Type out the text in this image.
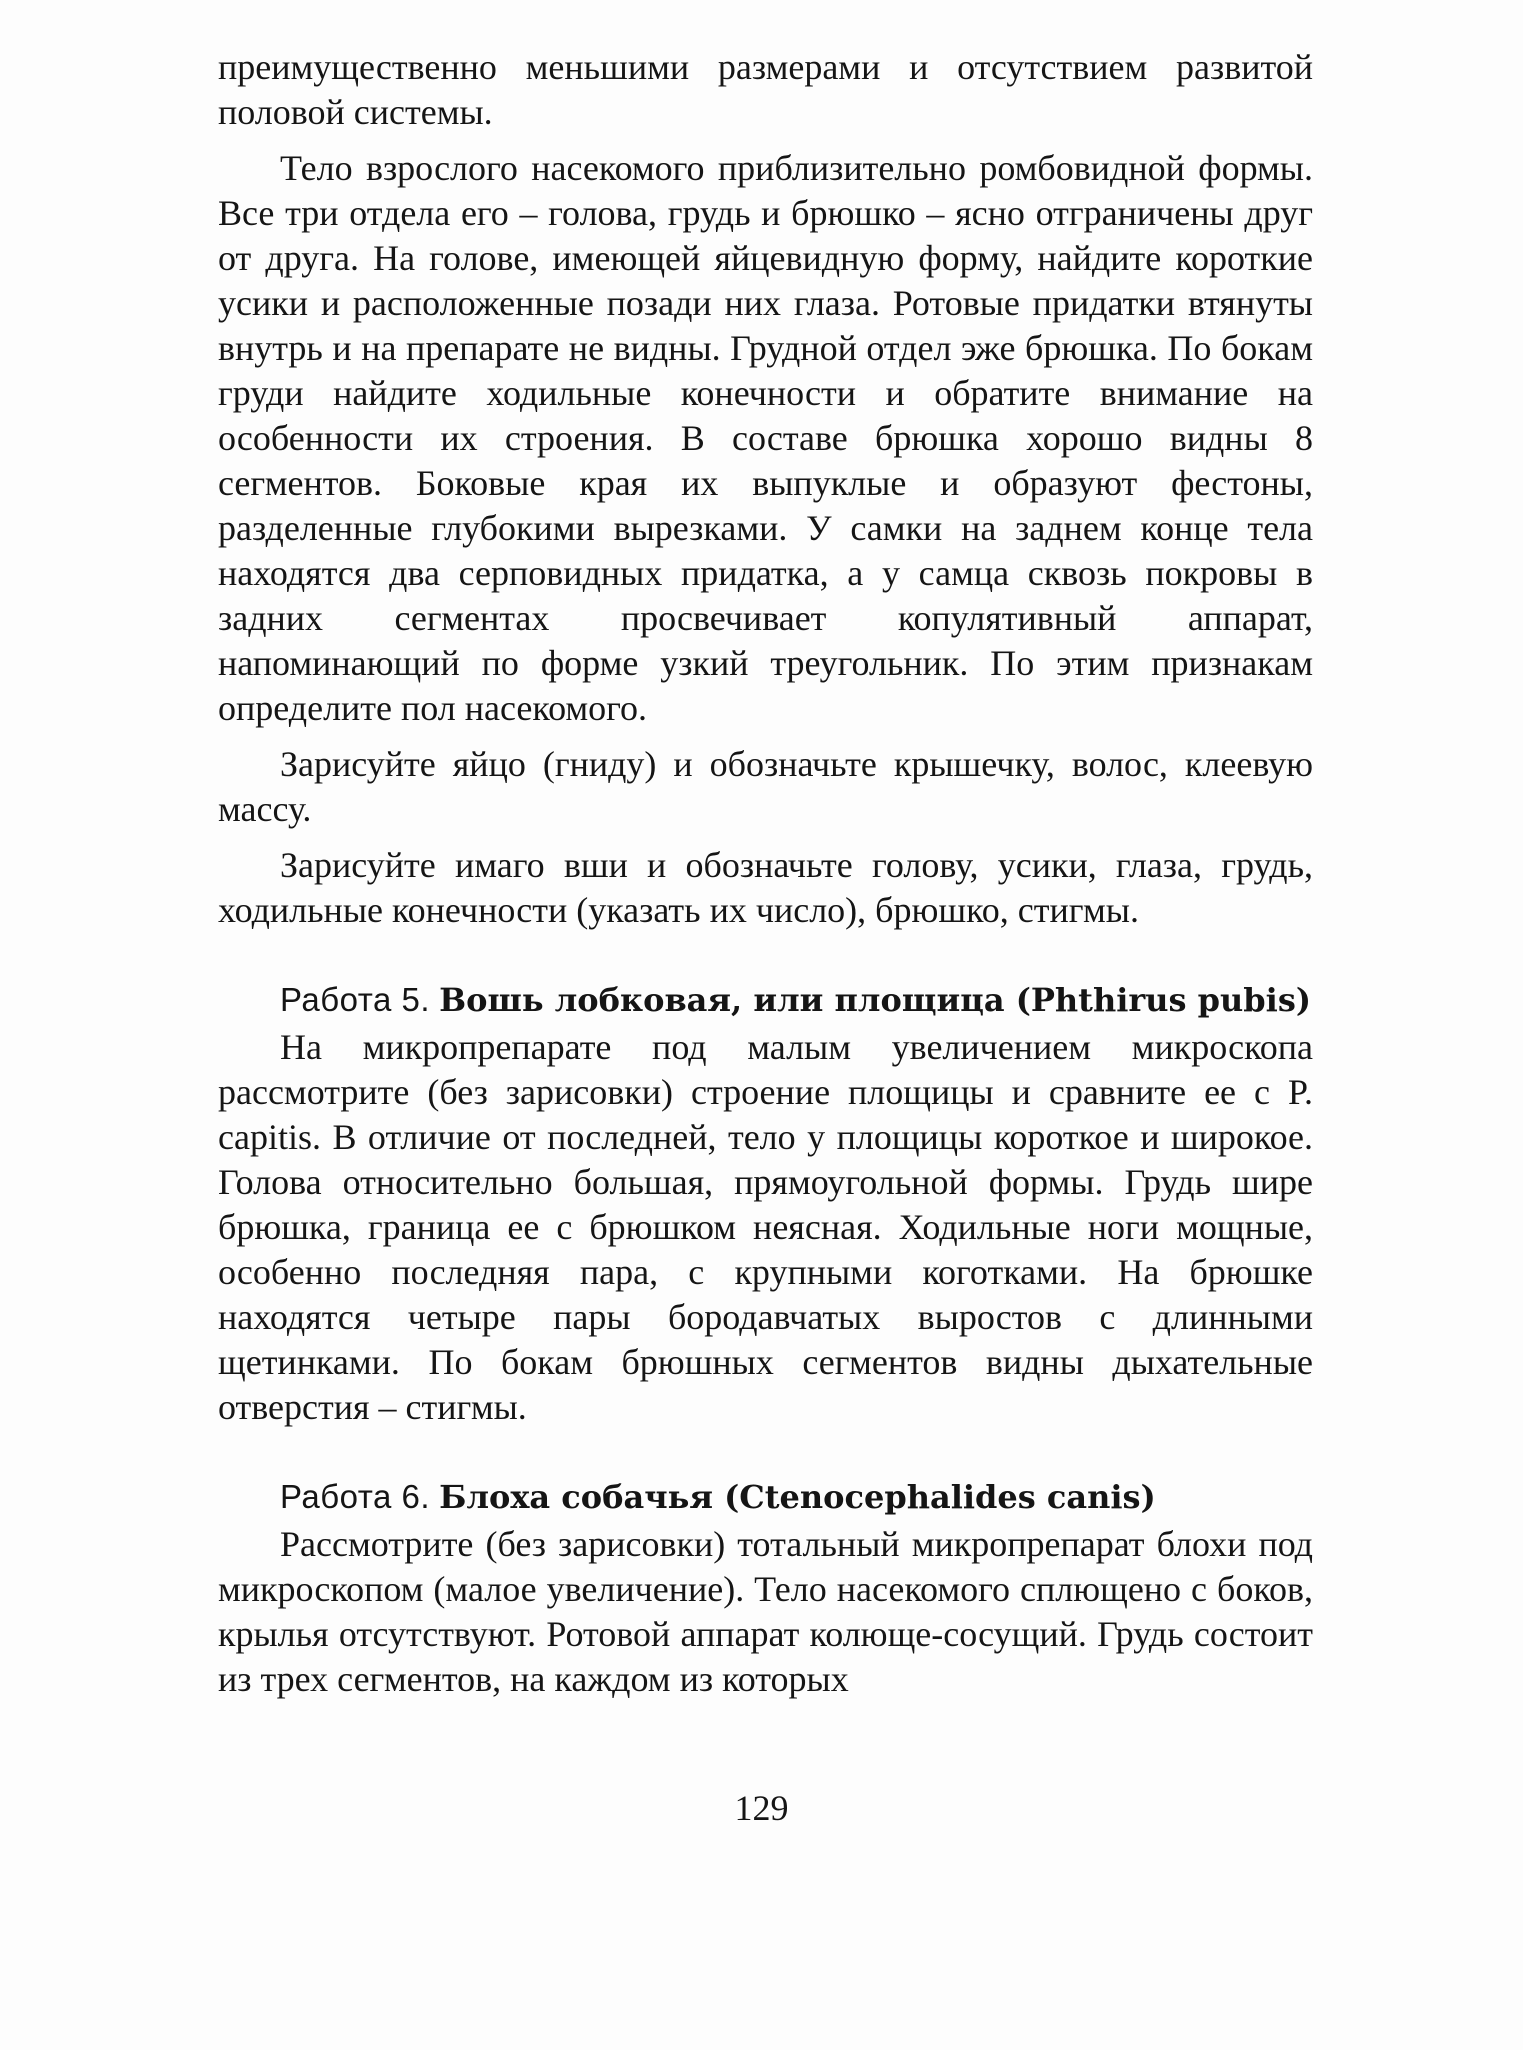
преимущественно меньшими размерами и отсутствием развитой половой системы.

Тело взрослого насекомого приблизительно ромбовидной формы. Все три отдела его – голова, грудь и брюшко – ясно отграничены друг от друга. На голове, имеющей яйцевидную форму, найдите короткие усики и расположенные позади них глаза. Ротовые придатки втянуты внутрь и на препарате не видны. Грудной отдел эже брюшка. По бокам груди найдите ходильные конечности и обратите внимание на особенности их строения. В составе брюшка хорошо видны 8 сегментов. Боковые края их выпуклые и образуют фестоны, разделенные глубокими вырезками. У самки на заднем конце тела находятся два серповидных придатка, а у самца сквозь покровы в задних сегментах просвечивает копулятивный аппарат, напоминающий по форме узкий треугольник. По этим признакам определите пол насекомого.

Зарисуйте яйцо (гниду) и обозначьте крышечку, волос, клеевую массу.

Зарисуйте имаго вши и обозначьте голову, усики, глаза, грудь, ходильные конечности (указать их число), брюшко, стигмы.

Работа 5. Вошь лобковая, или площица (Phthirus pubis)

На микропрепарате под малым увеличением микроскопа рассмотрите (без зарисовки) строение площицы и сравните ее с P. capitis. В отличие от последней, тело у площицы короткое и широкое. Голова относительно большая, прямоугольной формы. Грудь шире брюшка, граница ее с брюшком неясная. Ходильные ноги мощные, особенно последняя пара, с крупными коготками. На брюшке находятся четыре пары бородавчатых выростов с длинными щетинками. По бокам брюшных сегментов видны дыхательные отверстия – стигмы.

Работа 6. Блоха собачья (Ctenocephalides canis)

Рассмотрите (без зарисовки) тотальный микропрепарат блохи под микроскопом (малое увеличение). Тело насекомого сплющено с боков, крылья отсутствуют. Ротовой аппарат колюще-сосущий. Грудь состоит из трех сегментов, на каждом из которых

129
